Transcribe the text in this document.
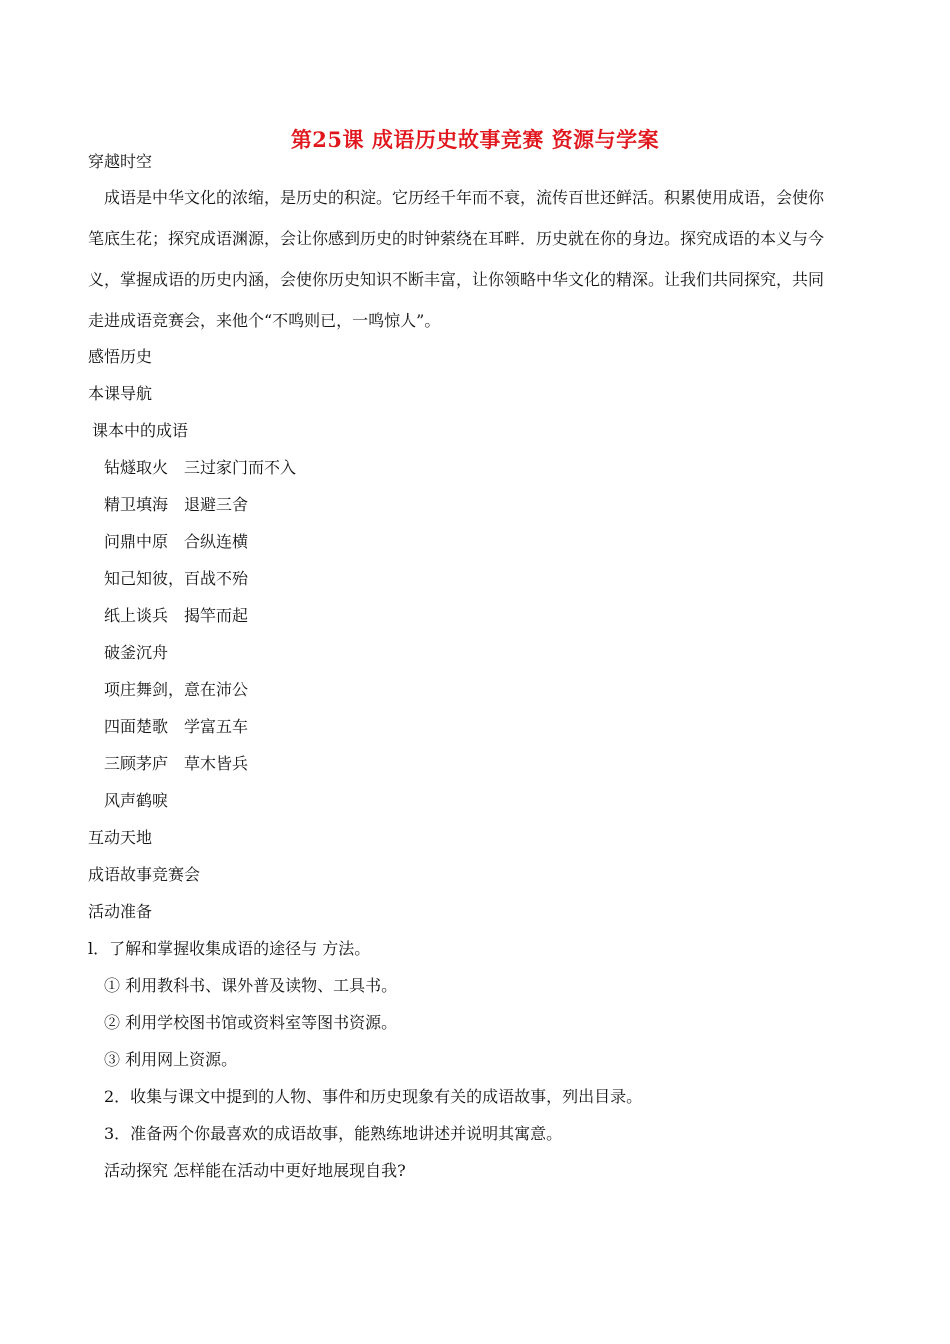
第25课 成语历史故事竞赛 资源与学案
穿越时空
成语是中华文化的浓缩，是历史的积淀。它历经千年而不衰，流传百世还鲜活。积累使用成语，会使你
笔底生花；探究成语渊源，会让你感到历史的时钟萦绕在耳畔．历史就在你的身边。探究成语的本义与今
义，掌握成语的历史内涵，会使你历史知识不断丰富，让你领略中华文化的精深。让我们共同探究，共同
走进成语竞赛会，来他个“不鸣则已，一鸣惊人”。
感悟历史
本课导航
课本中的成语
钻燧取火　三过家门而不入
精卫填海　退避三舍
问鼎中原　合纵连横
知己知彼，百战不殆
纸上谈兵　揭竿而起
破釜沉舟
项庄舞剑，意在沛公
四面楚歌　学富五车
三顾茅庐　草木皆兵
风声鹤唳
互动天地
成语故事竞赛会
活动准备
l．了解和掌握收集成语的途径与 方法。
① 利用教科书、课外普及读物、工具书。
② 利用学校图书馆或资料室等图书资源。
③ 利用网上资源。
2．收集与课文中提到的人物、事件和历史现象有关的成语故事，列出目录。
3．准备两个你最喜欢的成语故事，能熟练地讲述并说明其寓意。
活动探究 怎样能在活动中更好地展现自我?
